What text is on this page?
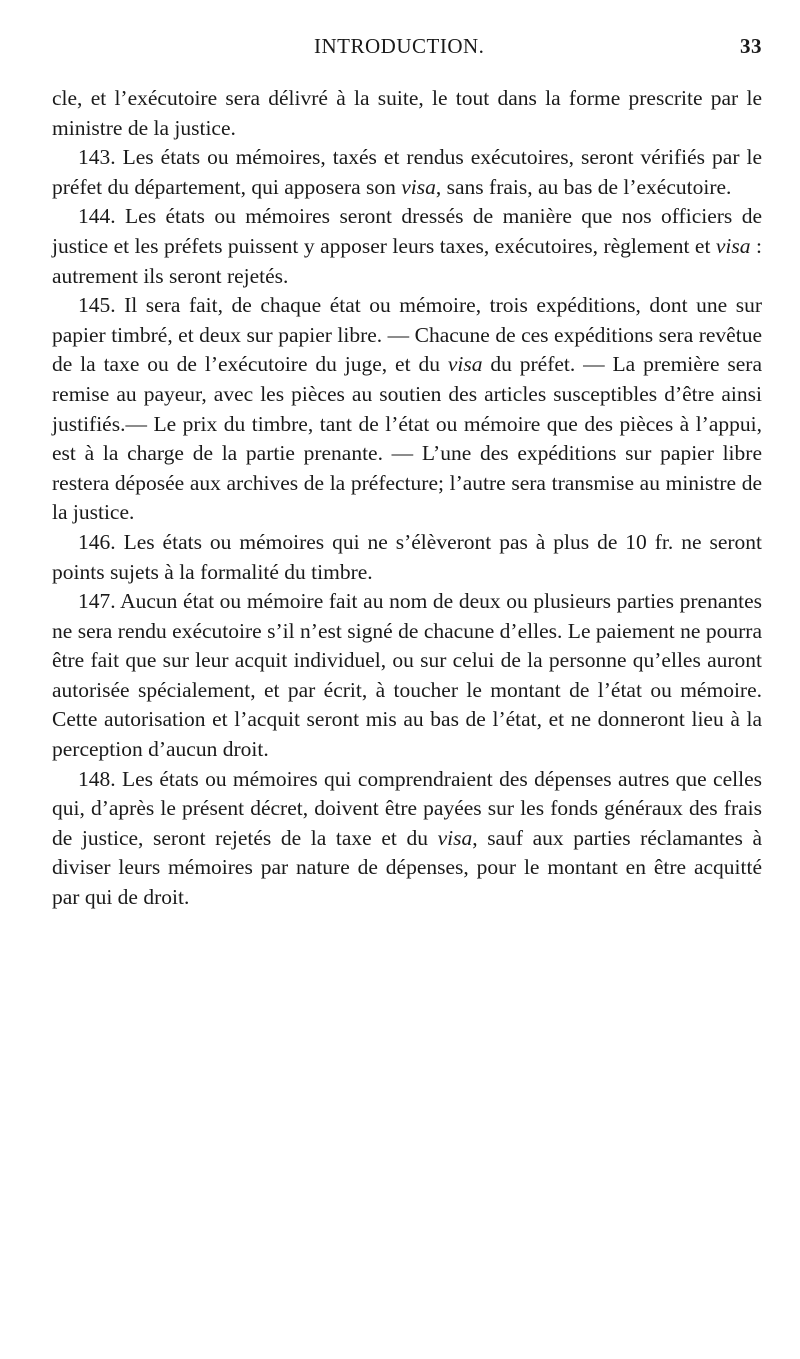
INTRODUCTION.	33

cle, et l’exécutoire sera délivré à la suite, le tout dans la forme prescrite par le ministre de la justice.

143. Les états ou mémoires, taxés et rendus exécutoires, seront vérifiés par le préfet du département, qui apposera son visa, sans frais, au bas de l’exécutoire.

144. Les états ou mémoires seront dressés de manière que nos officiers de justice et les préfets puissent y apposer leurs taxes, exécutoires, règlement et visa : autrement ils seront rejetés.

145. Il sera fait, de chaque état ou mémoire, trois expéditions, dont une sur papier timbré, et deux sur papier libre. — Chacune de ces expéditions sera revêtue de la taxe ou de l’exécutoire du juge, et du visa du préfet. — La première sera remise au payeur, avec les pièces au soutien des articles susceptibles d’être ainsi justifiés.— Le prix du timbre, tant de l’état ou mémoire que des pièces à l’appui, est à la charge de la partie prenante. — L’une des expéditions sur papier libre restera déposée aux archives de la préfecture; l’autre sera transmise au ministre de la justice.

146. Les états ou mémoires qui ne s’élèveront pas à plus de 10 fr. ne seront points sujets à la formalité du timbre.

147. Aucun état ou mémoire fait au nom de deux ou plusieurs parties prenantes ne sera rendu exécutoire s’il n’est signé de chacune d’elles. Le paiement ne pourra être fait que sur leur acquit individuel, ou sur celui de la personne qu’elles auront autorisée spécialement, et par écrit, à toucher le montant de l’état ou mémoire. Cette autorisation et l’acquit seront mis au bas de l’état, et ne donneront lieu à la perception d’aucun droit.

148. Les états ou mémoires qui comprendraient des dépenses autres que celles qui, d’après le présent décret, doivent être payées sur les fonds généraux des frais de justice, seront rejetés de la taxe et du visa, sauf aux parties réclamantes à diviser leurs mémoires par nature de dépenses, pour le montant en être acquitté par qui de droit.
